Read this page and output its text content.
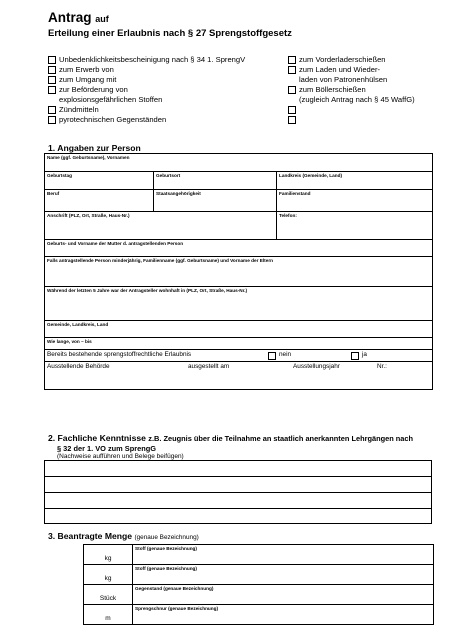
Antrag auf
Erteilung einer Erlaubnis nach § 27 Sprengstoffgesetz
Unbedenklichkeitsbescheinigung nach § 34 1. SprengV
zum Erwerb von
zum Umgang mit
zur Beförderung von
explosionsgefährlichen Stoffen
Zündmitteln
pyrotechnischen Gegenständen
zum Vorderladerschießen
zum Laden und Wieder-
laden von Patronenhülsen
zum Böllerschießen
(zugleich Antrag nach § 45 WaffG)
1. Angaben zur Person
Name (ggf. Geburtsname), Vornamen		

Geburtstag	Geburtsort	Landkreis (Gemeinde, Land)

Beruf	Staatsangehörigkeit	Familienstand

Anschrift (PLZ, Ort, Straße, Haus-Nr.)		Telefon:

Geburts- und Vorname der Mutter d. antragstellenden Person		

Falls antragstellende Person minderjährig, Familienname (ggf. Geburtsname) und Vorname der Eltern		

Während der letzten 5 Jahre war der Antragsteller wohnhaft in (PLZ, Ort, Straße, Haus-Nr.)		

Gemeinde, Landkreis, Land		

Wie lange, von – bis		

Bereits bestehende sprengstoffrechtliche Erlaubnis nein ja		

Ausstellende Behörde ausgestellt am Ausstellungsjahr Nr.:		
2. Fachliche Kenntnisse z.B. Zeugnis über die Teilnahme an staatlich anerkannten Lehrgängen nach
§ 32 der 1. VO zum SprengG
(Nachweise aufführen und Belege beifügen)

3. Beantragte Menge (genaue Bezeichnung)
kg	Stoff (genaue Bezeichnung)

kg	Stoff (genaue Bezeichnung)

Stück	Gegenstand (genaue Bezeichnung)

m	Sprengschnur (genaue Bezeichnung)
